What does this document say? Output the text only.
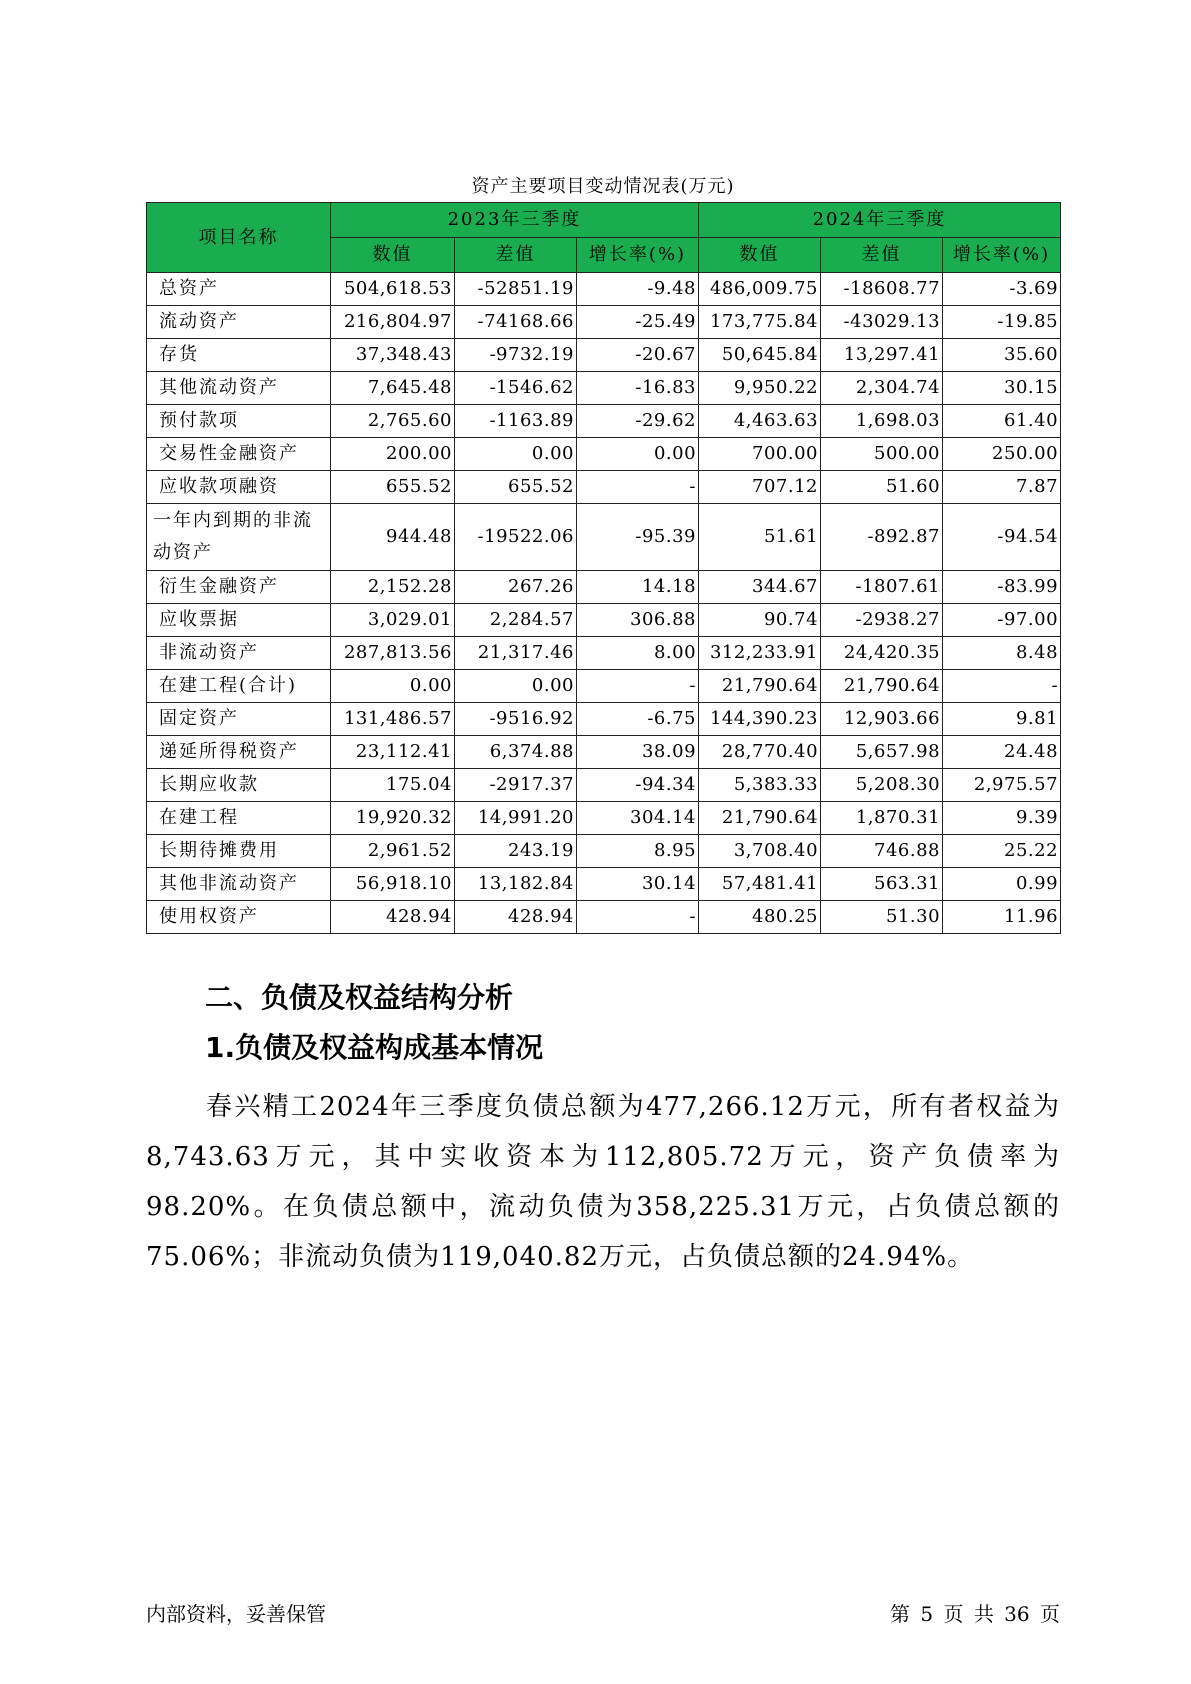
资产主要项目变动情况表(万元)
项目名称	2023年三季度			2024年三季度		
	数值	差值	增长率(%)	数值	差值	增长率(%)
总资产	504,618.53	-52851.19	-9.48	486,009.75	-18608.77	-3.69
流动资产	216,804.97	-74168.66	-25.49	173,775.84	-43029.13	-19.85
存货	37,348.43	-9732.19	-20.67	50,645.84	13,297.41	35.60
其他流动资产	7,645.48	-1546.62	-16.83	9,950.22	2,304.74	30.15
预付款项	2,765.60	-1163.89	-29.62	4,463.63	1,698.03	61.40
交易性金融资产	200.00	0.00	0.00	700.00	500.00	250.00
应收款项融资	655.52	655.52	-	707.12	51.60	7.87
一年内到期的非流动资产	944.48	-19522.06	-95.39	51.61	-892.87	-94.54
衍生金融资产	2,152.28	267.26	14.18	344.67	-1807.61	-83.99
应收票据	3,029.01	2,284.57	306.88	90.74	-2938.27	-97.00
非流动资产	287,813.56	21,317.46	8.00	312,233.91	24,420.35	8.48
在建工程(合计)	0.00	0.00	-	21,790.64	21,790.64	-
固定资产	131,486.57	-9516.92	-6.75	144,390.23	12,903.66	9.81
递延所得税资产	23,112.41	6,374.88	38.09	28,770.40	5,657.98	24.48
长期应收款	175.04	-2917.37	-94.34	5,383.33	5,208.30	2,975.57
在建工程	19,920.32	14,991.20	304.14	21,790.64	1,870.31	9.39
长期待摊费用	2,961.52	243.19	8.95	3,708.40	746.88	25.22
其他非流动资产	56,918.10	13,182.84	30.14	57,481.41	563.31	0.99
使用权资产	428.94	428.94	-	480.25	51.30	11.96
二、负债及权益结构分析
1.负债及权益构成基本情况
春兴精工2024年三季度负债总额为477,266.12万元，所有者权益为8,743.63万元，其中实收资本为112,805.72万元，资产负债率为98.20%。在负债总额中，流动负债为358,225.31万元，占负债总额的75.06%；非流动负债为119,040.82万元，占负债总额的24.94%。
内部资料，妥善保管	第 5 页 共 36 页
